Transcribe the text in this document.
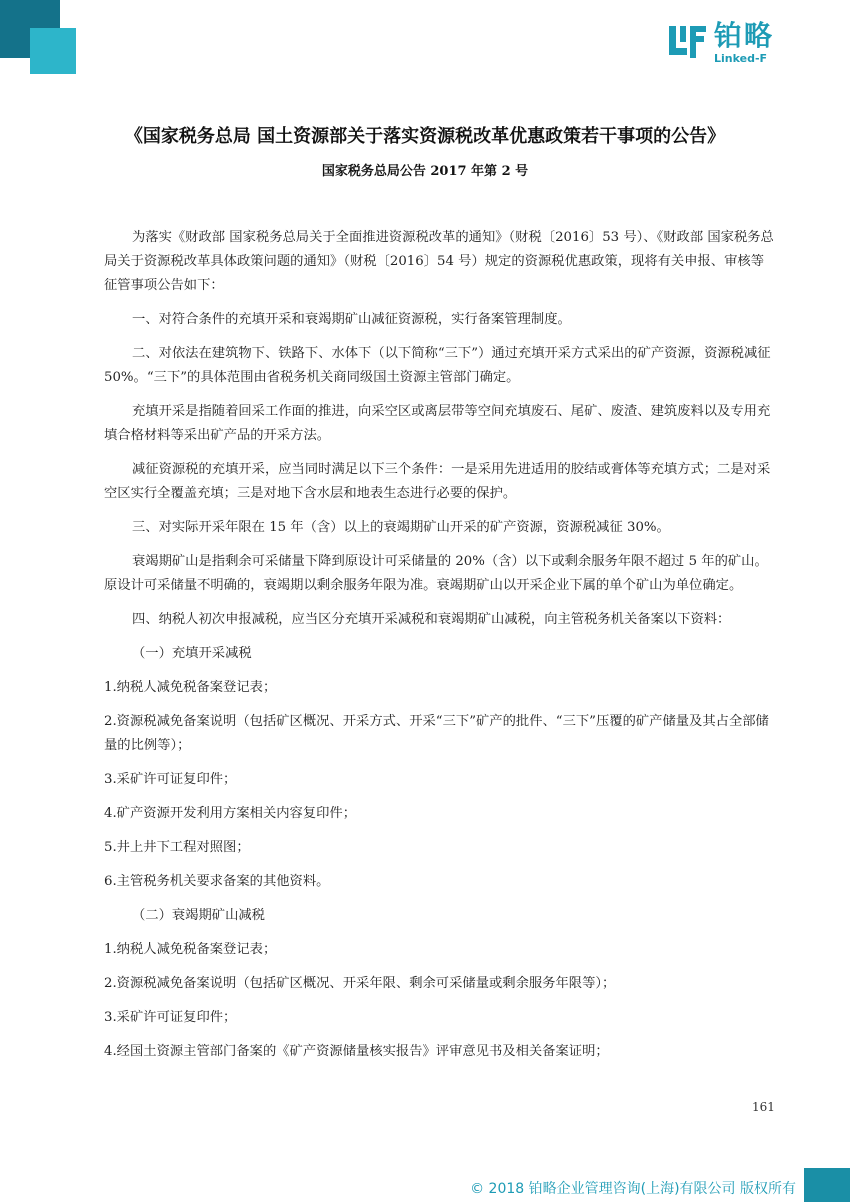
铂略
Linked-F
《国家税务总局 国土资源部关于落实资源税改革优惠政策若干事项的公告》
国家税务总局公告 2017 年第 2 号

为落实《财政部 国家税务总局关于全面推进资源税改革的通知》（财税〔2016〕53 号）、《财政部 国家税务总局关于资源税改革具体政策问题的通知》（财税〔2016〕54 号）规定的资源税优惠政策，现将有关申报、审核等征管事项公告如下：

一、对符合条件的充填开采和衰竭期矿山减征资源税，实行备案管理制度。

二、对依法在建筑物下、铁路下、水体下（以下简称“三下”）通过充填开采方式采出的矿产资源，资源税减征 50%。“三下”的具体范围由省税务机关商同级国土资源主管部门确定。

充填开采是指随着回采工作面的推进，向采空区或离层带等空间充填废石、尾矿、废渣、建筑废料以及专用充填合格材料等采出矿产品的开采方法。

减征资源税的充填开采，应当同时满足以下三个条件：一是采用先进适用的胶结或膏体等充填方式；二是对采空区实行全覆盖充填；三是对地下含水层和地表生态进行必要的保护。

三、对实际开采年限在 15 年（含）以上的衰竭期矿山开采的矿产资源，资源税减征 30%。

衰竭期矿山是指剩余可采储量下降到原设计可采储量的 20%（含）以下或剩余服务年限不超过 5 年的矿山。原设计可采储量不明确的，衰竭期以剩余服务年限为准。衰竭期矿山以开采企业下属的单个矿山为单位确定。

四、纳税人初次申报减税，应当区分充填开采减税和衰竭期矿山减税，向主管税务机关备案以下资料：

（一）充填开采减税

1.纳税人减免税备案登记表；

2.资源税减免备案说明（包括矿区概况、开采方式、开采“三下”矿产的批件、“三下”压覆的矿产储量及其占全部储量的比例等）；

3.采矿许可证复印件；

4.矿产资源开发利用方案相关内容复印件；

5.井上井下工程对照图；

6.主管税务机关要求备案的其他资料。

（二）衰竭期矿山减税

1.纳税人减免税备案登记表；

2.资源税减免备案说明（包括矿区概况、开采年限、剩余可采储量或剩余服务年限等）；

3.采矿许可证复印件；

4.经国土资源主管部门备案的《矿产资源储量核实报告》评审意见书及相关备案证明；

161
© 2018 铂略企业管理咨询(上海)有限公司 版权所有
